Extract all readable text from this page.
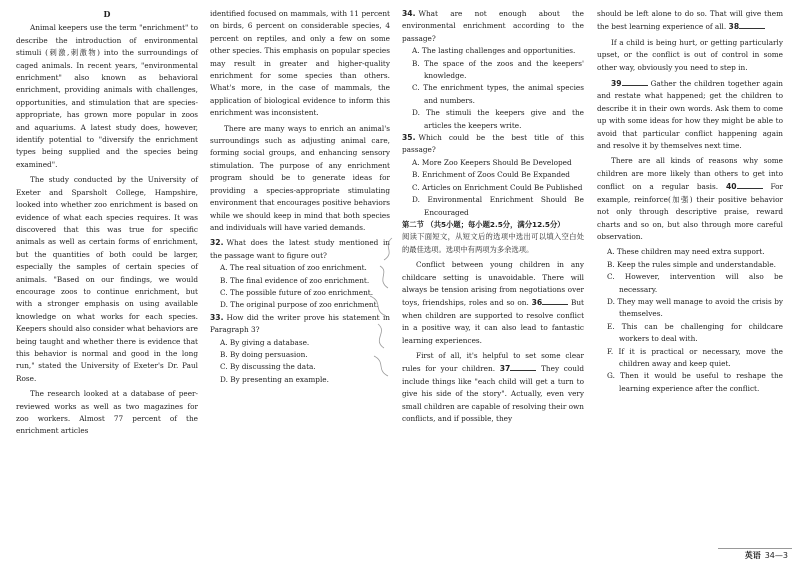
D

Animal keepers use the term "enrichment" to describe the introduction of environmental stimuli (刺激,刺激物) into the surroundings of caged animals. In recent years, "environmental enrichment" also known as behavioral enrichment, providing animals with challenges, opportunities, and stimulation that are species-appropriate, has grown more popular in zoos and aquariums. A latest study does, however, identify potential to "diversify the enrichment types being supplied and the species being examined".

The study conducted by the University of Exeter and Sparsholt College, Hampshire, looked into whether zoo enrichment is based on evidence of what each species requires. It was discovered that this was true for specific animals as well as certain forms of enrichment, but the quantities of both could be larger, especially the samples of certain species of animals. "Based on our findings, we would encourage zoos to continue enrichment, but with a stronger emphasis on using available knowledge on what works for each species. Keepers should also consider what behaviors are being taught and whether there is evidence that this behavior is normal and good in the long run," stated the University of Exeter's Dr. Paul Rose.

The research looked at a database of peer-reviewed works as well as two magazines for zoo workers. Almost 77 percent of the enrichment articles

identified focused on mammals, with 11 percent on birds, 6 percent on considerable species, 4 percent on reptiles, and only a few on some other species. This emphasis on popular species may result in greater and higher-quality enrichment for some species than others. What's more, in the case of mammals, the application of biological evidence to inform this enrichment was inconsistent.

There are many ways to enrich an animal's surroundings such as adjusting animal care, forming social groups, and enhancing sensory stimulation. The purpose of any enrichment program should be to generate ideas for providing a species-appropriate stimulating environment that encourages positive behaviors while we should keep in mind that both species and individuals will have varied demands.

32. What does the latest study mentioned in the passage want to figure out?

A. The real situation of zoo enrichment.

B. The final evidence of zoo enrichment.

C. The possible future of zoo enrichment.

D. The original purpose of zoo enrichment.

33. How did the writer prove his statement in Paragraph 3?

A. By giving a database.

B. By doing persuasion.

C. By discussing the data.

D. By presenting an example.

34. What are not enough about the environmental enrichment according to the passage?

A. The lasting challenges and opportunities.

B. The space of the zoos and the keepers' knowledge.

C. The enrichment types, the animal species and numbers.

D. The stimuli the keepers give and the articles the keepers write.

35. Which could be the best title of this passage?

A. More Zoo Keepers Should Be Developed

B. Enrichment of Zoos Could Be Expanded

C. Articles on Enrichment Could Be Published

D. Environmental Enrichment Should Be Encouraged

第二节 （共5小题；每小题2.5分，满分12.5分）

阅读下面短文，从短文后的选项中选出可以填入空白处的最佳选项。选项中有两项为多余选项。

Conflict between young children in any childcare setting is unavoidable. There will always be tension arising from negotiations over toys, friendships, roles and so on. 36	But when children are supported to resolve conflict in a positive way, it can also lead to fantastic learning experiences.

First of all, it's helpful to set some clear rules for your children. 37	They could include things like "each child will get a turn to give his side of the story". Actually, even very small children are capable of resolving their own conflicts, and if possible, they

should be left alone to do so. That will give them the best learning experience of all. 38

If a child is being hurt, or getting particularly upset, or the conflict is out of control in some other way, obviously you need to step in.

39	Gather the children together again and restate what happened; get the children to describe it in their own words. Ask them to come up with some ideas for how they might be able to avoid that particular conflict happening again and resolve it by themselves next time.

There are all kinds of reasons why some children are more likely than others to get into conflict on a regular basis. 40	For example, reinforce(加强) their positive behavior not only through descriptive praise, reward charts and so on, but also through more careful observation.

A. These children may need extra support.

B. Keep the rules simple and understandable.

C. However, intervention will also be necessary.

D. They may well manage to avoid the crisis by themselves.

E. This can be challenging for childcare workers to deal with.

F. If it is practical or necessary, move the children away and keep quiet.

G. Then it would be useful to reshape the learning experience after the conflict.

英语 34—3
